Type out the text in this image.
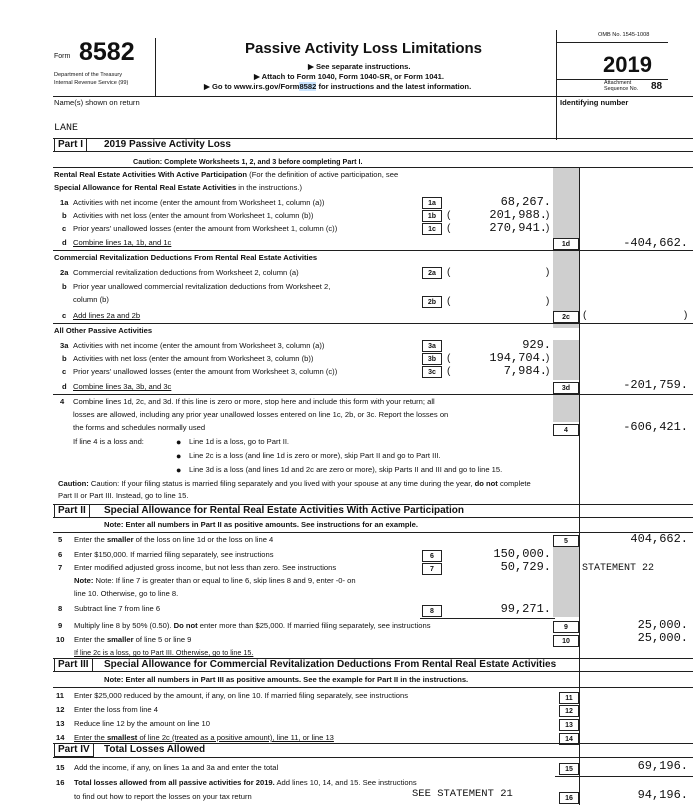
Form 8582
Department of the Treasury
Internal Revenue Service (99)
Passive Activity Loss Limitations
▶ See separate instructions.
▶ Attach to Form 1040, Form 1040-SR, or Form 1041.
▶ Go to www.irs.gov/Form8582 for instructions and the latest information.
OMB No. 1545-1008
2019
Attachment
Sequence No. 88
Name(s) shown on return	Identifying number
LANE
Part I	2019 Passive Activity Loss
Caution: Complete Worksheets 1, 2, and 3 before completing Part I.
Rental Real Estate Activities With Active Participation (For the definition of active participation, see
Special Allowance for Rental Real Estate Activities in the instructions.)
1a Activities with net income (enter the amount from Worksheet 1, column (a))	1a	68,267.
b Activities with net loss (enter the amount from Worksheet 1, column (b))	1b	(	201,988. )
c Prior years' unallowed losses (enter the amount from Worksheet 1, column (c))	1c	(	270,941. )
d Combine lines 1a, 1b, and 1c	1d	-404,662.
Commercial Revitalization Deductions From Rental Real Estate Activities
2a Commercial revitalization deductions from Worksheet 2, column (a)	2a	(	)
b Prior year unallowed commercial revitalization deductions from Worksheet 2,
column (b)	2b	(	)
c Add lines 2a and 2b	2c	(	)
All Other Passive Activities
3a Activities with net income (enter the amount from Worksheet 3, column (a))	3a	929.
b Activities with net loss (enter the amount from Worksheet 3, column (b))	3b	(	194,704. )
c Prior years' unallowed losses (enter the amount from Worksheet 3, column (c))	3c	(	7,984. )
d Combine lines 3a, 3b, and 3c	3d	-201,759.
4 Combine lines 1d, 2c, and 3d. If this line is zero or more, stop here and include this form with your return; all
losses are allowed, including any prior year unallowed losses entered on line 1c, 2b, or 3c. Report the losses on
the forms and schedules normally used	4	-606,421.
If line 4 is a loss and:	● Line 1d is a loss, go to Part II.
● Line 2c is a loss (and line 1d is zero or more), skip Part II and go to Part III.
● Line 3d is a loss (and lines 1d and 2c are zero or more), skip Parts II and III and go to line 15.
Caution: Caution: If your filing status is married filing separately and you lived with your spouse at any time during the year, do not complete
Part II or Part III. Instead, go to line 15.
Part II	Special Allowance for Rental Real Estate Activities With Active Participation
Note: Enter all numbers in Part II as positive amounts. See instructions for an example.
5 Enter the smaller of the loss on line 1d or the loss on line 4	5	404,662.
6 Enter $150,000. If married filing separately, see instructions	6	150,000.
7 Enter modified adjusted gross income, but not less than zero. See instructions	7	50,729.	STATEMENT 22
Note: Note: If line 7 is greater than or equal to line 6, skip lines 8 and 9, enter -0- on
line 10. Otherwise, go to line 8.
8 Subtract line 7 from line 6	8	99,271.
9 Multiply line 8 by 50% (0.50). Do not enter more than $25,000. If married filing separately, see instructions	9	25,000.
10 Enter the smaller of line 5 or line 9	10	25,000.
If line 2c is a loss, go to Part III. Otherwise, go to line 15.
Part III	Special Allowance for Commercial Revitalization Deductions From Rental Real Estate Activities
Note: Enter all numbers in Part III as positive amounts. See the example for Part II in the instructions.
11 Enter $25,000 reduced by the amount, if any, on line 10. If married filing separately, see instructions	11
12 Enter the loss from line 4	12
13 Reduce line 12 by the amount on line 10	13
14 Enter the smallest of line 2c (treated as a positive amount), line 11, or line 13	14
Part IV	Total Losses Allowed
15 Add the income, if any, on lines 1a and 3a and enter the total	15	69,196.
16 Total losses allowed from all passive activities for 2019. Add lines 10, 14, and 15. See instructions
to find out how to report the losses on your tax return	SEE STATEMENT 21	16	94,196.
